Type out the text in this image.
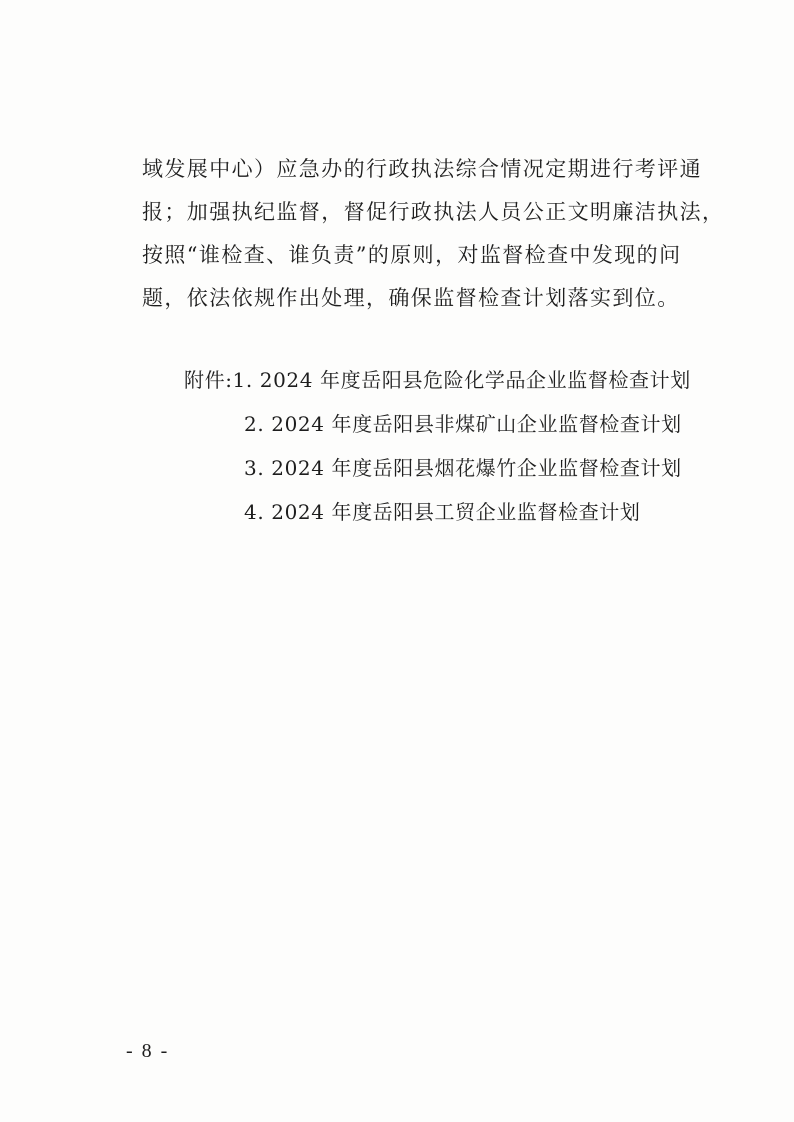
域发展中心）应急办的行政执法综合情况定期进行考评通
报；加强执纪监督，督促行政执法人员公正文明廉洁执法，
按照“谁检查、谁负责”的原则，对监督检查中发现的问
题，依法依规作出处理，确保监督检查计划落实到位。
附件:1. 2024 年度岳阳县危险化学品企业监督检查计划
2. 2024 年度岳阳县非煤矿山企业监督检查计划
3. 2024 年度岳阳县烟花爆竹企业监督检查计划
4. 2024 年度岳阳县工贸企业监督检查计划
- 8 -
